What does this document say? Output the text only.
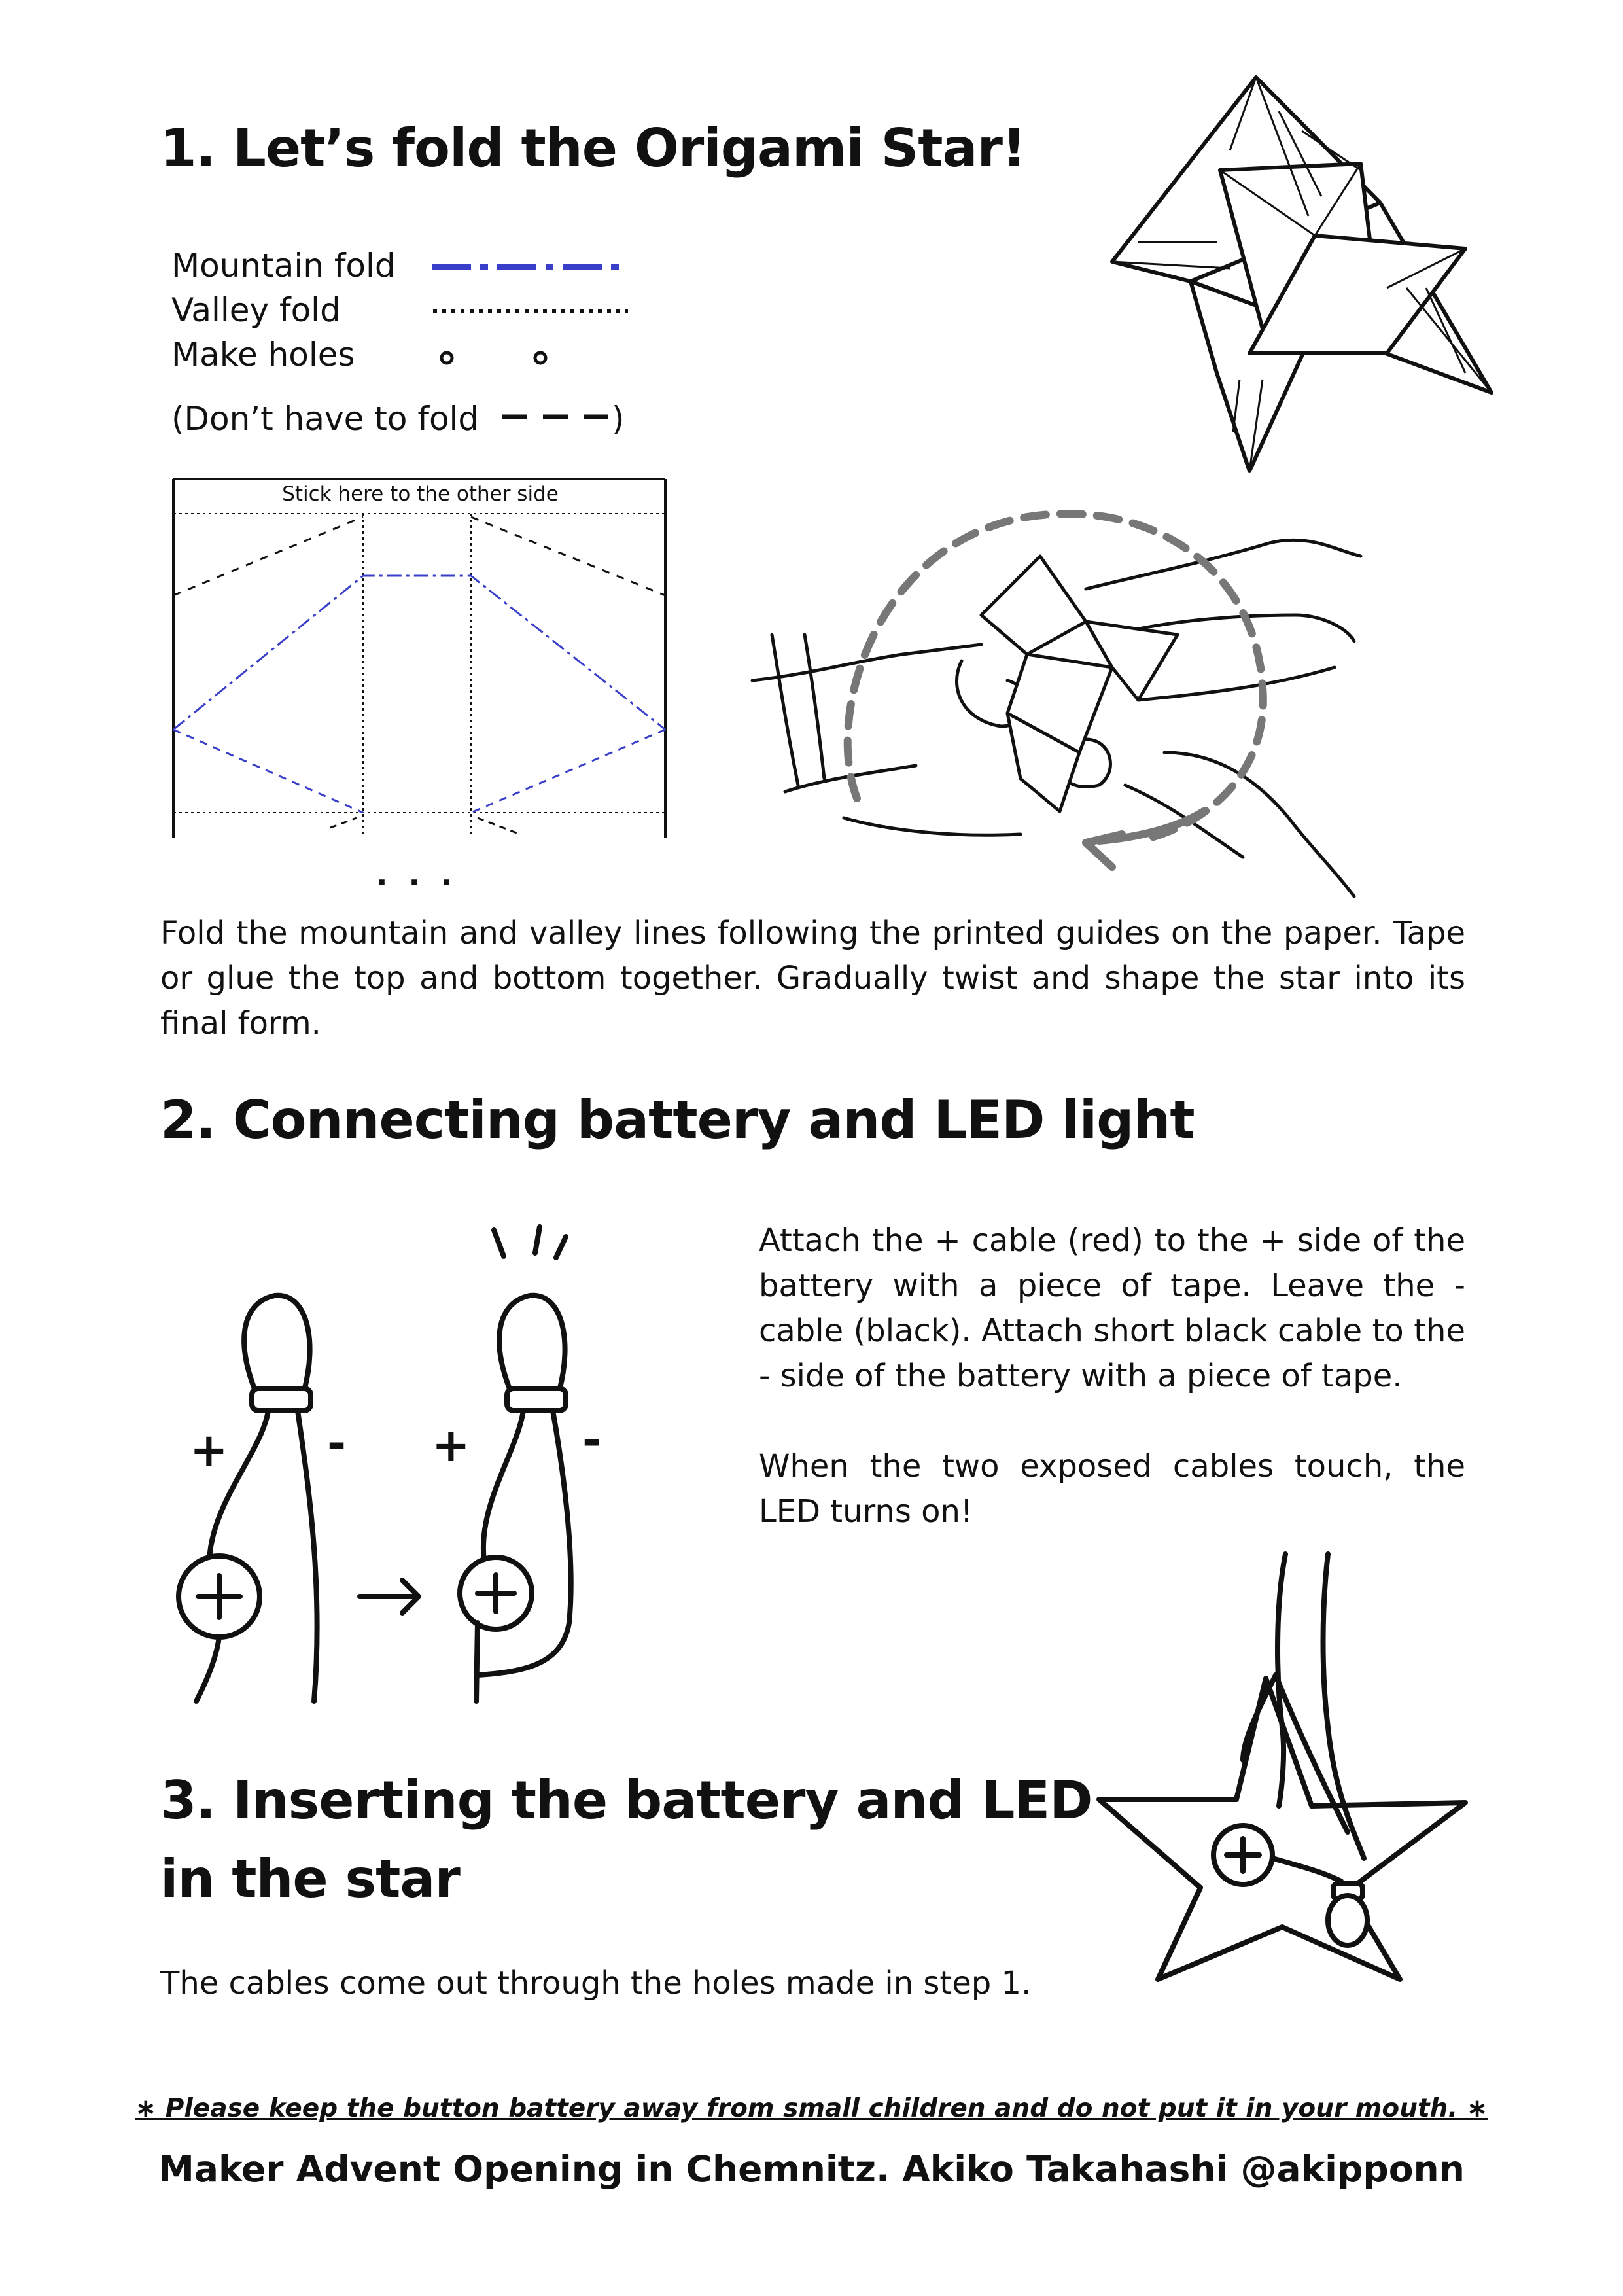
1. Let’s fold the Origami Star!
Mountain fold
Valley fold
Make holes
(Don’t have to fold	)
Stick here to the other side
. . .
Fold the mountain and valley lines following the printed guides on the paper. Tape or glue the top and bottom together. Gradually twist and shape the star into its final form.
2. Connecting battery and LED light
+ - + -
Attach the + cable (red) to the + side of the battery with a piece of tape. Leave the - cable (black). Attach short black cable to the - side of the battery with a piece of tape.
When the two exposed cables touch, the LED turns on!
3. Inserting the battery and LED
in the star
The cables come out through the holes made in step 1.
∗ Please keep the button battery away from small children and do not put it in your mouth. ∗
Maker Advent Opening in Chemnitz. Akiko Takahashi @akipponn
